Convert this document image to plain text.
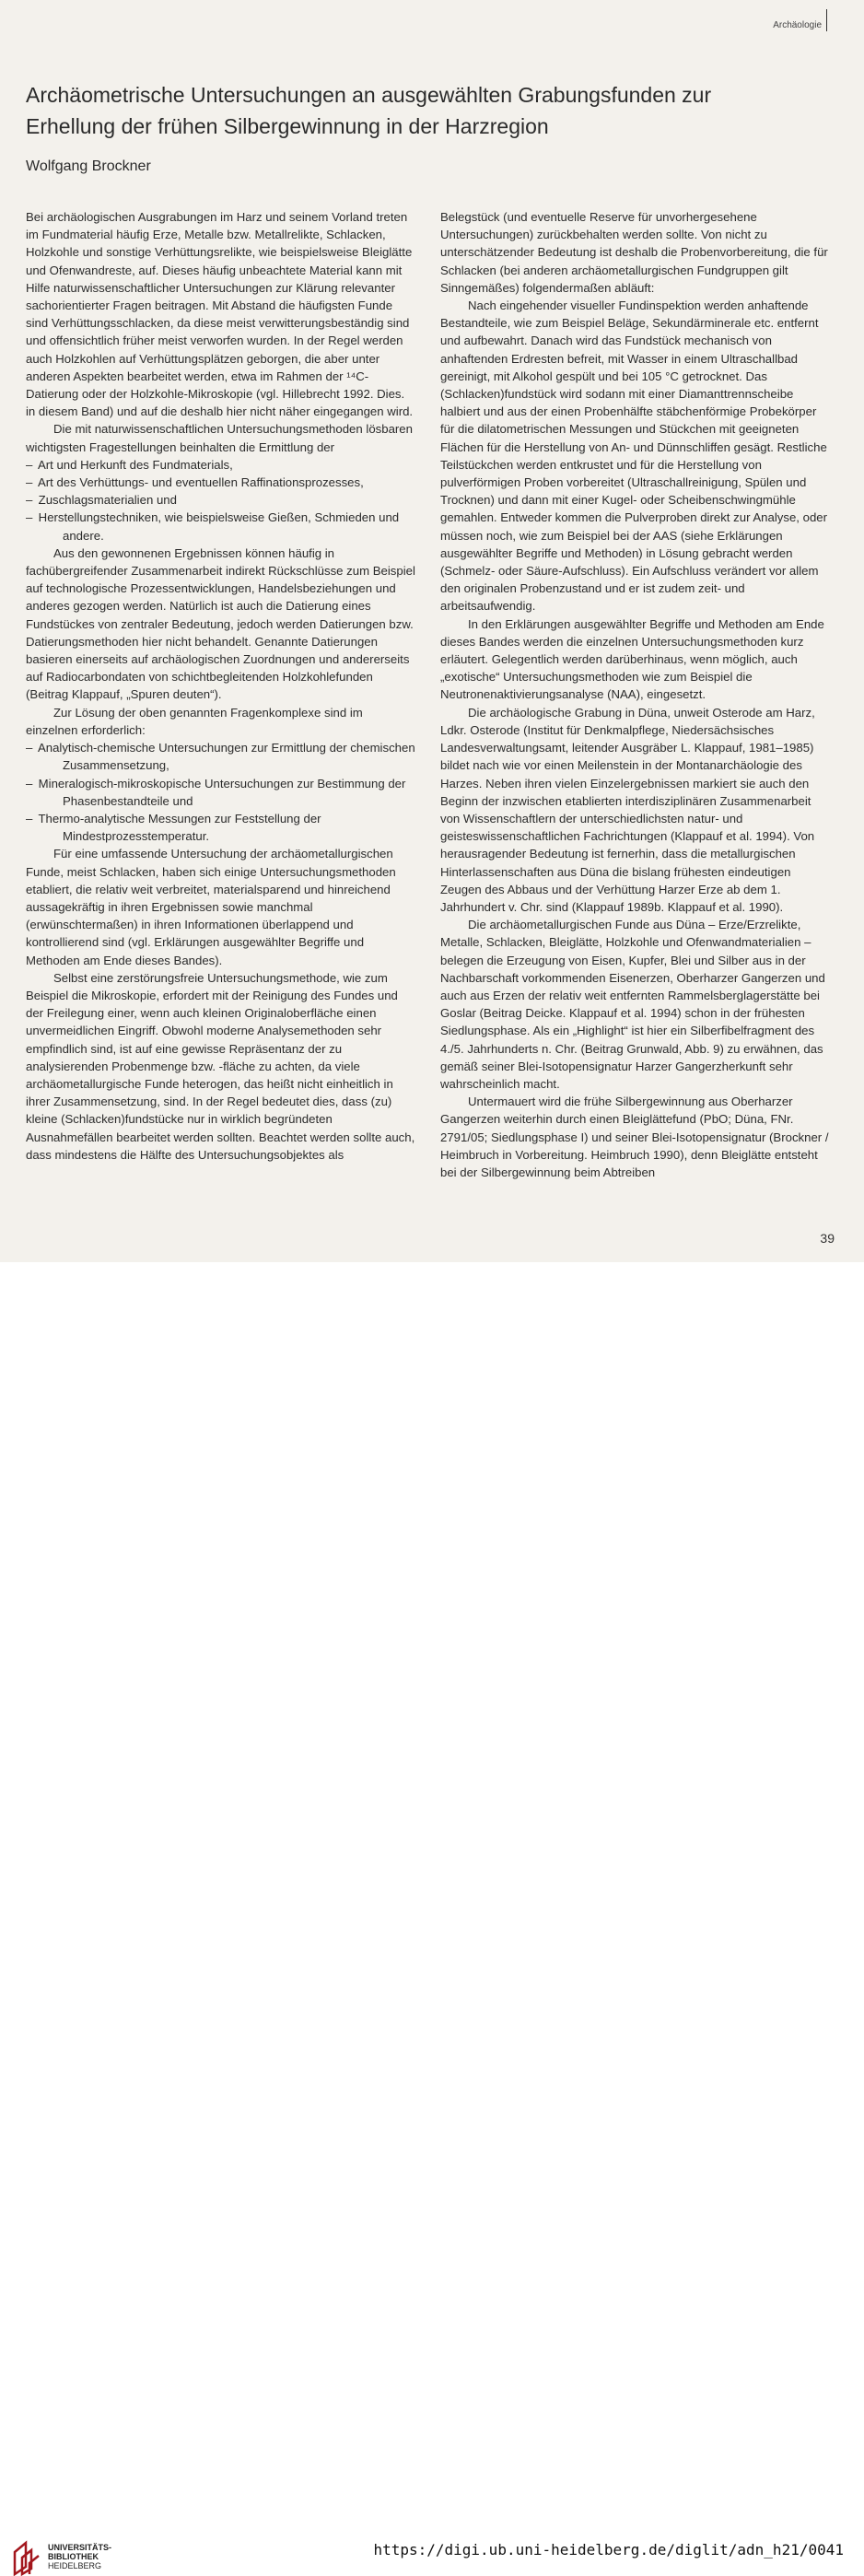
Archäologie
Archäometrische Untersuchungen an ausgewählten Grabungsfunden zur Erhellung der frühen Silbergewinnung in der Harzregion
Wolfgang Brockner

Bei archäologischen Ausgrabungen im Harz und seinem Vorland treten im Fundmaterial häufig Erze, Metalle bzw. Metallrelikte, Schlacken, Holzkohle und sonstige Verhüttungsrelikte, wie beispielsweise Bleiglätte und Ofenwandreste, auf. Dieses häufig unbeachtete Material kann mit Hilfe naturwissenschaftlicher Untersuchungen zur Klärung relevanter sachorientierter Fragen beitragen. Mit Abstand die häufigsten Funde sind Verhüttungsschlacken, da diese meist verwitterungsbeständig sind und offensichtlich früher meist verworfen wurden. In der Regel werden auch Holzkohlen auf Verhüttungsplätzen geborgen, die aber unter anderen Aspekten bearbeitet werden, etwa im Rahmen der ¹⁴C-Datierung oder der Holzkohle-Mikroskopie (vgl. Hillebrecht 1992. Dies. in diesem Band) und auf die deshalb hier nicht näher eingegangen wird.

Die mit naturwissenschaftlichen Untersuchungsmethoden lösbaren wichtigsten Fragestellungen beinhalten die Ermittlung der

– Art und Herkunft des Fundmaterials,
– Art des Verhüttungs- und eventuellen Raffinationsprozesses,
– Zuschlagsmaterialien und
– Herstellungstechniken, wie beispielsweise Gießen, Schmieden und andere.

Aus den gewonnenen Ergebnissen können häufig in fachübergreifender Zusammenarbeit indirekt Rückschlüsse zum Beispiel auf technologische Prozessentwicklungen, Handelsbeziehungen und anderes gezogen werden. Natürlich ist auch die Datierung eines Fundstückes von zentraler Bedeutung, jedoch werden Datierungen bzw. Datierungsmethoden hier nicht behandelt. Genannte Datierungen basieren einerseits auf archäologischen Zuordnungen und andererseits auf Radiocarbondaten von schichtbegleitenden Holzkohlefunden (Beitrag Klappauf, „Spuren deuten“).

Zur Lösung der oben genannten Fragenkomplexe sind im einzelnen erforderlich:

– Analytisch-chemische Untersuchungen zur Ermittlung der chemischen Zusammensetzung,
– Mineralogisch-mikroskopische Untersuchungen zur Bestimmung der Phasenbestandteile und
– Thermo-analytische Messungen zur Feststellung der Mindestprozesstemperatur.

Für eine umfassende Untersuchung der archäometallurgischen Funde, meist Schlacken, haben sich einige Untersuchungsmethoden etabliert, die relativ weit verbreitet, materialsparend und hinreichend aussagekräftig in ihren Ergebnissen sowie manchmal (erwünschtermaßen) in ihren Informationen überlappend und kontrollierend sind (vgl. Erklärungen ausgewählter Begriffe und Methoden am Ende dieses Bandes).

Selbst eine zerstörungsfreie Untersuchungsmethode, wie zum Beispiel die Mikroskopie, erfordert mit der Reinigung des Fundes und der Freilegung einer, wenn auch kleinen Originaloberfläche einen unvermeidlichen Eingriff. Obwohl moderne Analysemethoden sehr empfindlich sind, ist auf eine gewisse Repräsentanz der zu analysierenden Probenmenge bzw. -fläche zu achten, da viele archäometallurgische Funde heterogen, das heißt nicht einheitlich in ihrer Zusammensetzung, sind. In der Regel bedeutet dies, dass (zu) kleine (Schlacken)fundstücke nur in wirklich begründeten Ausnahmefällen bearbeitet werden sollten. Beachtet werden sollte auch, dass mindestens die Hälfte des Untersuchungsobjektes als

Belegstück (und eventuelle Reserve für unvorhergesehene Untersuchungen) zurückbehalten werden sollte. Von nicht zu unterschätzender Bedeutung ist deshalb die Probenvorbereitung, die für Schlacken (bei anderen archäometallurgischen Fundgruppen gilt Sinngemäßes) folgendermaßen abläuft:

Nach eingehender visueller Fundinspektion werden anhaftende Bestandteile, wie zum Beispiel Beläge, Sekundärminerale etc. entfernt und aufbewahrt. Danach wird das Fundstück mechanisch von anhaftenden Erdresten befreit, mit Wasser in einem Ultraschallbad gereinigt, mit Alkohol gespült und bei 105 °C getrocknet. Das (Schlacken)fundstück wird sodann mit einer Diamanttrennscheibe halbiert und aus der einen Probenhälfte stäbchenförmige Probekörper für die dilatometrischen Messungen und Stückchen mit geeigneten Flächen für die Herstellung von An- und Dünnschliffen gesägt. Restliche Teilstückchen werden entkrustet und für die Herstellung von pulverförmigen Proben vorbereitet (Ultraschallreinigung, Spülen und Trocknen) und dann mit einer Kugel- oder Scheibenschwingmühle gemahlen. Entweder kommen die Pulverproben direkt zur Analyse, oder müssen noch, wie zum Beispiel bei der AAS (siehe Erklärungen ausgewählter Begriffe und Methoden) in Lösung gebracht werden (Schmelz- oder Säure-Aufschluss). Ein Aufschluss verändert vor allem den originalen Probenzustand und er ist zudem zeit- und arbeitsaufwendig.

In den Erklärungen ausgewählter Begriffe und Methoden am Ende dieses Bandes werden die einzelnen Untersuchungsmethoden kurz erläutert. Gelegentlich werden darüberhinaus, wenn möglich, auch „exotische“ Untersuchungsmethoden wie zum Beispiel die Neutronenaktivierungsanalyse (NAA), eingesetzt.

Die archäologische Grabung in Düna, unweit Osterode am Harz, Ldkr. Osterode (Institut für Denkmalpflege, Niedersächsisches Landesverwaltungsamt, leitender Ausgräber L. Klappauf, 1981–1985) bildet nach wie vor einen Meilenstein in der Montanarchäologie des Harzes. Neben ihren vielen Einzelergebnissen markiert sie auch den Beginn der inzwischen etablierten interdisziplinären Zusammenarbeit von Wissenschaftlern der unterschiedlichsten natur- und geisteswissenschaftlichen Fachrichtungen (Klappauf et al. 1994). Von herausragender Bedeutung ist fernerhin, dass die metallurgischen Hinterlassenschaften aus Düna die bislang frühesten eindeutigen Zeugen des Abbaus und der Verhüttung Harzer Erze ab dem 1. Jahrhundert v. Chr. sind (Klappauf 1989b. Klappauf et al. 1990).

Die archäometallurgischen Funde aus Düna – Erze/Erzrelikte, Metalle, Schlacken, Bleiglätte, Holzkohle und Ofenwandmaterialien – belegen die Erzeugung von Eisen, Kupfer, Blei und Silber aus in der Nachbarschaft vorkommenden Eisenerzen, Oberharzer Gangerzen und auch aus Erzen der relativ weit entfernten Rammelsberglagerstätte bei Goslar (Beitrag Deicke. Klappauf et al. 1994) schon in der frühesten Siedlungsphase. Als ein „Highlight“ ist hier ein Silberfibelfragment des 4./5. Jahrhunderts n. Chr. (Beitrag Grunwald, Abb. 9) zu erwähnen, das gemäß seiner Blei-Isotopensignatur Harzer Gangerzherkunft sehr wahrscheinlich macht.

Untermauert wird die frühe Silbergewinnung aus Oberharzer Gangerzen weiterhin durch einen Bleiglättefund (PbO; Düna, FNr. 2791/05; Siedlungsphase I) und seiner Blei-Isotopensignatur (Brockner / Heimbruch in Vorbereitung. Heimbruch 1990), denn Bleiglätte entsteht bei der Silbergewinnung beim Abtreiben

39
UNIVERSITÄTS-
BIBLIOTHEK
HEIDELBERG
https://digi.ub.uni-heidelberg.de/diglit/adn_h21/0041
